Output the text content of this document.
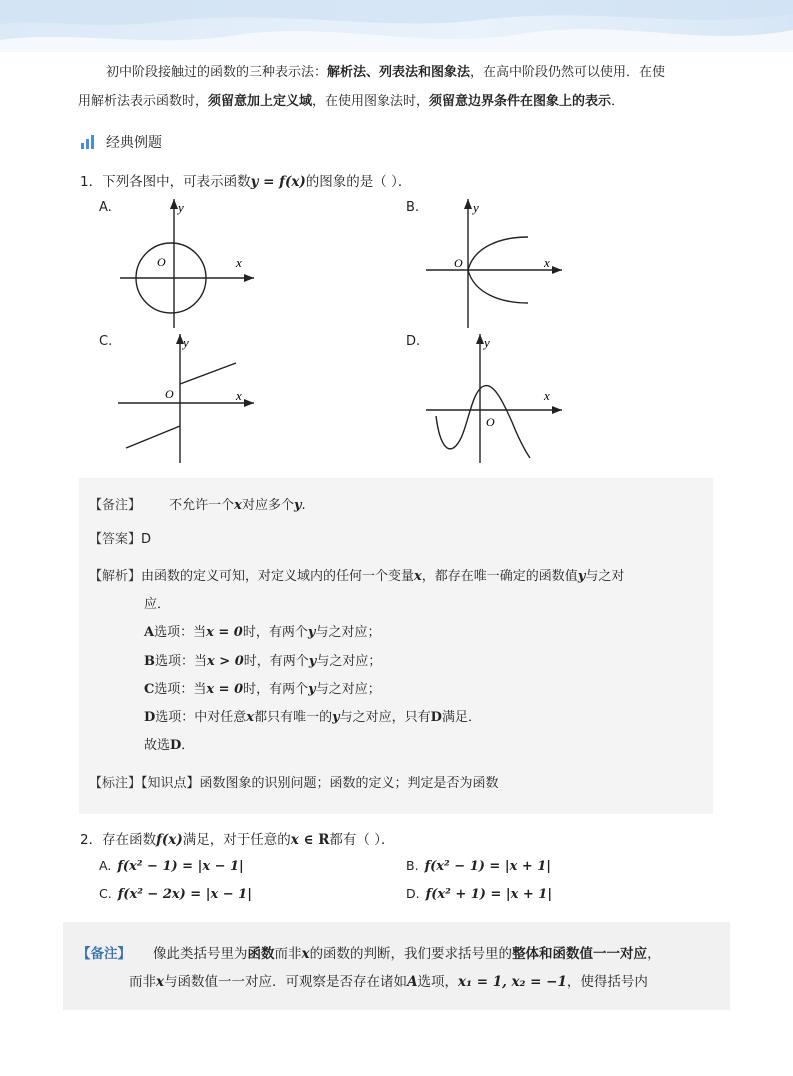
初中阶段接触过的函数的三种表示法：解析法、列表法和图象法，在高中阶段仍然可以使用．在使
用解析法表示函数时，须留意加上定义域，在使用图象法时，须留意边界条件在图象上的表示．
经典例题
1．下列各图中，可表示函数y = f(x)的图象的是（ ）．
A.	B.
C.	D.
y
x
O
y
x
O
y
x
O
y
x
O
【备注】 不允许一个x对应多个y.
【答案】D
【解析】由函数的定义可知，对定义域内的任何一个变量x，都存在唯一确定的函数值y与之对
应．
A选项：当x = 0时，有两个y与之对应；
B选项：当x > 0时，有两个y与之对应；
C选项：当x = 0时，有两个y与之对应；
D选项：中对任意x都只有唯一的y与之对应，只有D满足．
故选D．
【标注】【知识点】函数图象的识别问题；函数的定义；判定是否为函数
2．存在函数f(x)满足，对于任意的x ∈ R都有（ ）．
A. f(x² − 1) = |x − 1|	B. f(x² − 1) = |x + 1|
C. f(x² − 2x) = |x − 1|	D. f(x² + 1) = |x + 1|
【备注】 像此类括号里为函数而非x的函数的判断，我们要求括号里的整体和函数值一一对应，
而非x与函数值一一对应．可观察是否存在诸如A选项，x₁ = 1, x₂ = −1，使得括号内
